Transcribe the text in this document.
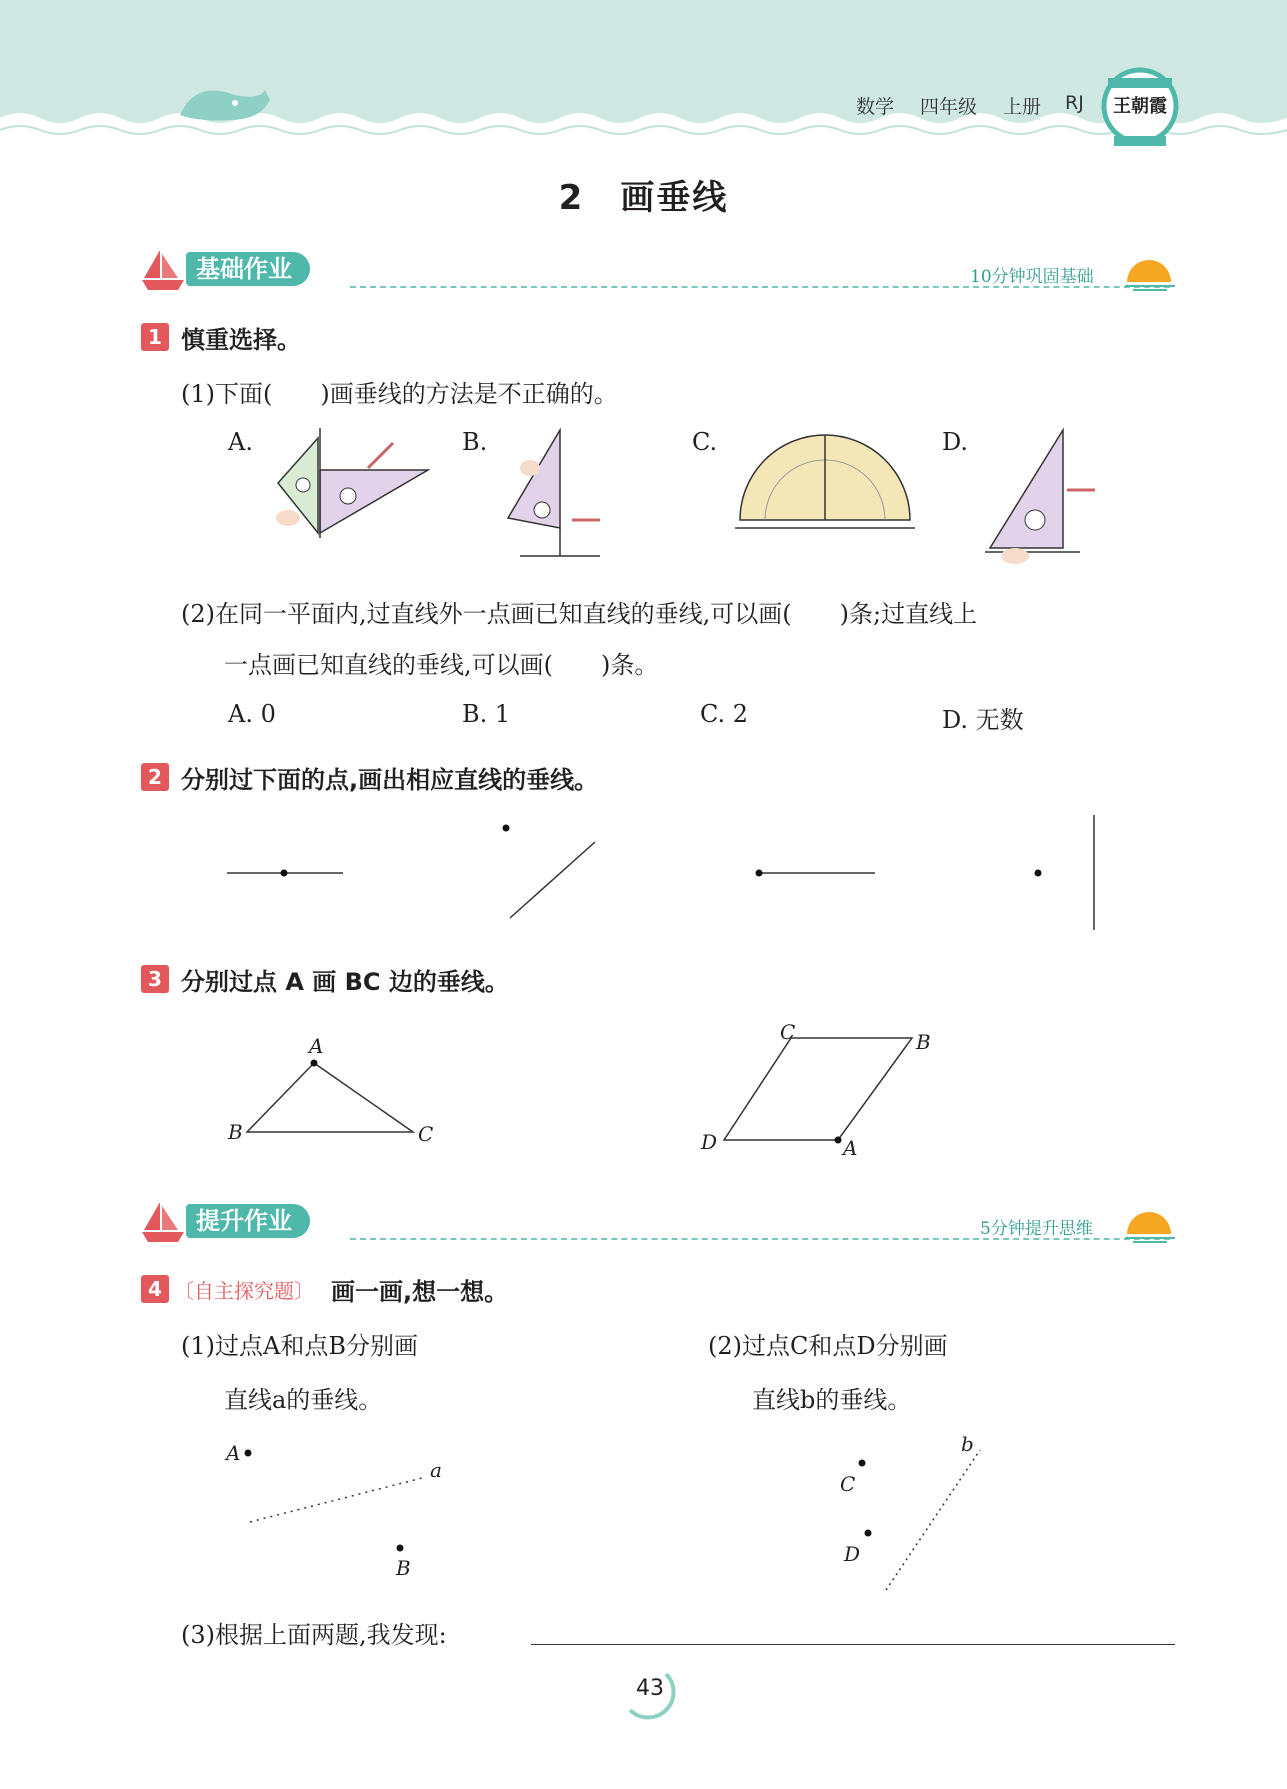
数学 四年级 上册 RJ	王朝霞
2　画垂线
基础作业	10分钟巩固基础
1 慎重选择。
(1)下面(　　)画垂线的方法是不正确的。
A.	B.	C.	D.
(2)在同一平面内,过直线外一点画已知直线的垂线,可以画(　　)条;过直线上
一点画已知直线的垂线,可以画(　　)条。
A. 0	B. 1	C. 2	D. 无数
2 分别过下面的点,画出相应直线的垂线。
3 分别过点 A 画 BC 边的垂线。
A
B	C
C	B
D	A
提升作业	5分钟提升思维
4 〔自主探究题〕 画一画,想一想。
(1)过点A和点B分别画
直线a的垂线。
(2)过点C和点D分别画
直线b的垂线。
A
a
B
b
C
D
(3)根据上面两题,我发现:
43
